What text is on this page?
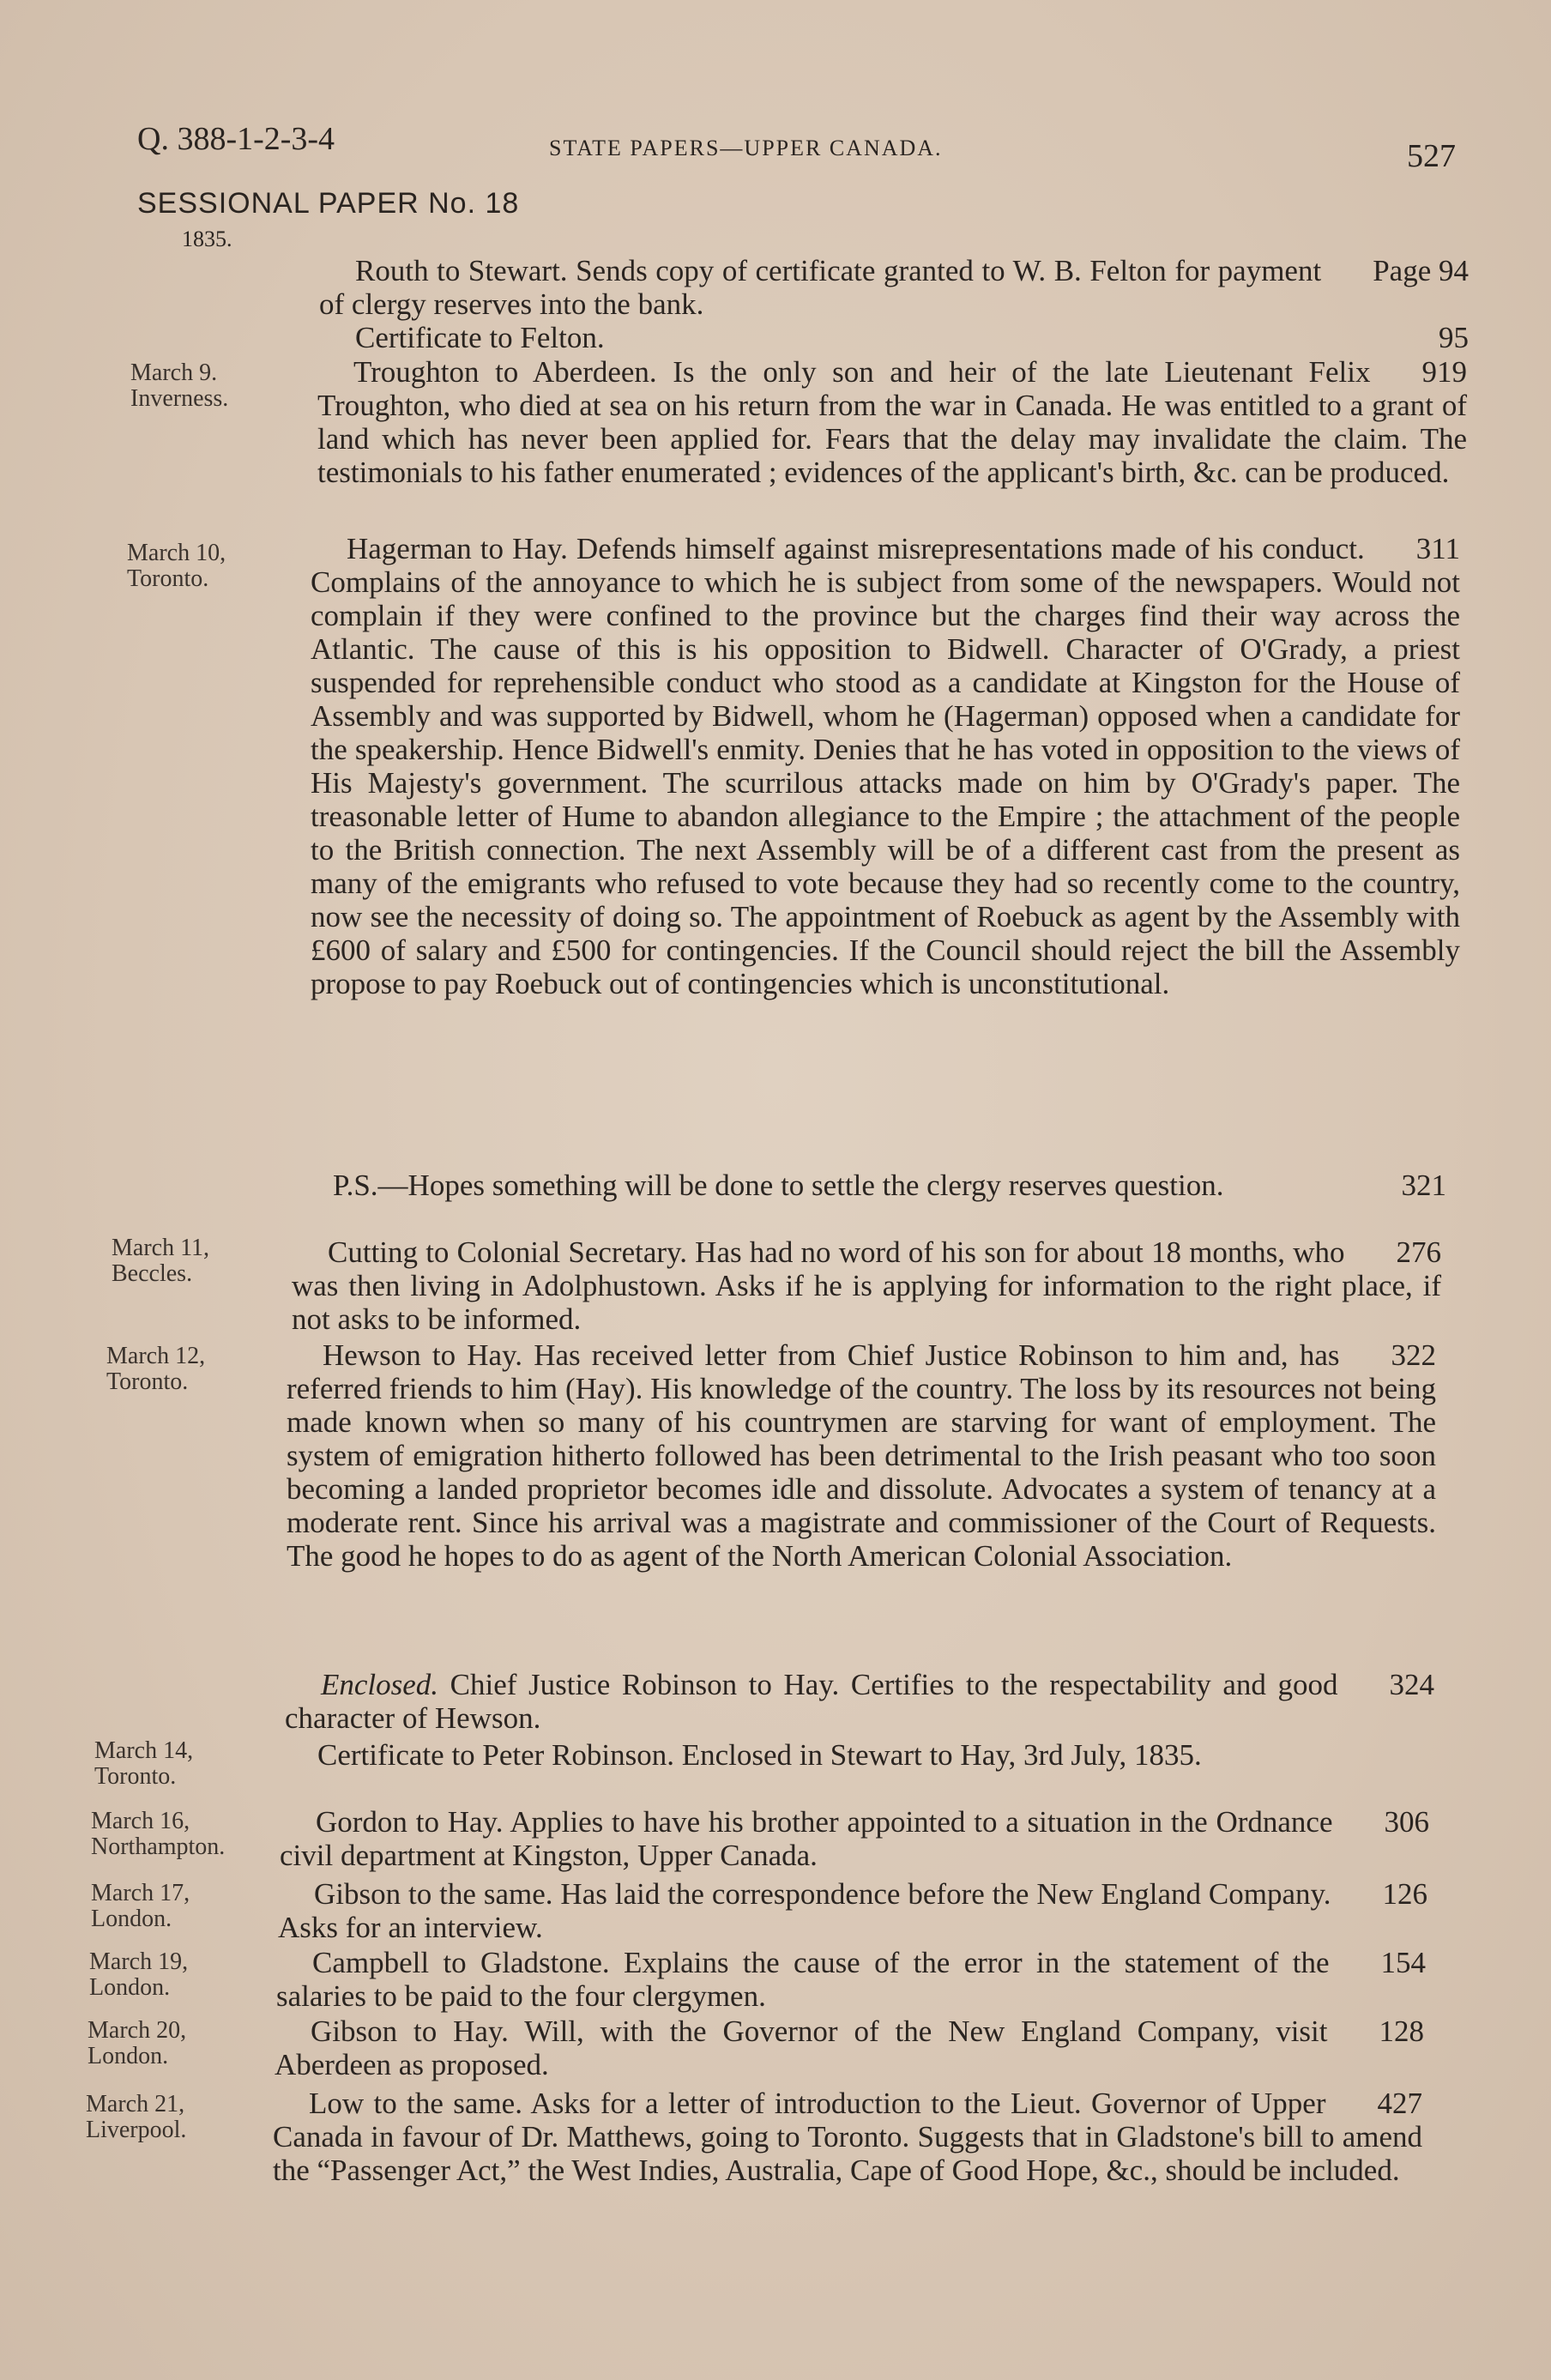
Q. 388-1-2-3-4	STATE PAPERS—UPPER CANADA.	527
SESSIONAL PAPER No. 18
1835.
Page 94
Routh to Stewart. Sends copy of certificate granted to W. B. Felton for payment of clergy reserves into the bank.
95
Certificate to Felton.
March 9.
Inverness.
919
Troughton to Aberdeen. Is the only son and heir of the late Lieutenant Felix Troughton, who died at sea on his return from the war in Canada. He was entitled to a grant of land which has never been applied for. Fears that the delay may invalidate the claim. The testimonials to his father enumerated ; evidences of the applicant's birth, &c. can be produced.
March 10,
Toronto.
311
Hagerman to Hay. Defends himself against misrepresentations made of his conduct. Complains of the annoyance to which he is subject from some of the newspapers. Would not complain if they were confined to the province but the charges find their way across the Atlantic. The cause of this is his opposition to Bidwell. Character of O'Grady, a priest suspended for reprehensible conduct who stood as a candidate at Kingston for the House of Assembly and was supported by Bidwell, whom he (Hagerman) opposed when a candidate for the speakership. Hence Bidwell's enmity. Denies that he has voted in opposition to the views of His Majesty's government. The scurrilous attacks made on him by O'Grady's paper. The treasonable letter of Hume to abandon allegiance to the Empire ; the attachment of the people to the British connection. The next Assembly will be of a different cast from the present as many of the emigrants who refused to vote because they had so recently come to the country, now see the necessity of doing so. The appointment of Roebuck as agent by the Assembly with £600 of salary and £500 for contingencies. If the Council should reject the bill the Assembly propose to pay Roebuck out of contingencies which is unconstitutional.
321
P.S.—Hopes something will be done to settle the clergy reserves question.
March 11,
Beccles.
276
Cutting to Colonial Secretary. Has had no word of his son for about 18 months, who was then living in Adolphustown. Asks if he is applying for information to the right place, if not asks to be informed.
March 12,
Toronto.
322
Hewson to Hay. Has received letter from Chief Justice Robinson to him and, has referred friends to him (Hay). His knowledge of the country. The loss by its resources not being made known when so many of his countrymen are starving for want of employment. The system of emigration hitherto followed has been detrimental to the Irish peasant who too soon becoming a landed proprietor becomes idle and dissolute. Advocates a system of tenancy at a moderate rent. Since his arrival was a magistrate and commissioner of the Court of Requests. The good he hopes to do as agent of the North American Colonial Association.
324
Enclosed. Chief Justice Robinson to Hay. Certifies to the respectability and good character of Hewson.
March 14,
Toronto.
Certificate to Peter Robinson. Enclosed in Stewart to Hay, 3rd July, 1835.
March 16,
Northampton.
306
Gordon to Hay. Applies to have his brother appointed to a situation in the Ordnance civil department at Kingston, Upper Canada.
March 17,
London.
126
Gibson to the same. Has laid the correspondence before the New England Company. Asks for an interview.
March 19,
London.
154
Campbell to Gladstone. Explains the cause of the error in the statement of the salaries to be paid to the four clergymen.
March 20,
London.
128
Gibson to Hay. Will, with the Governor of the New England Company, visit Aberdeen as proposed.
March 21,
Liverpool.
427
Low to the same. Asks for a letter of introduction to the Lieut. Governor of Upper Canada in favour of Dr. Matthews, going to Toronto. Suggests that in Gladstone's bill to amend the “Passenger Act,” the West Indies, Australia, Cape of Good Hope, &c., should be included.
